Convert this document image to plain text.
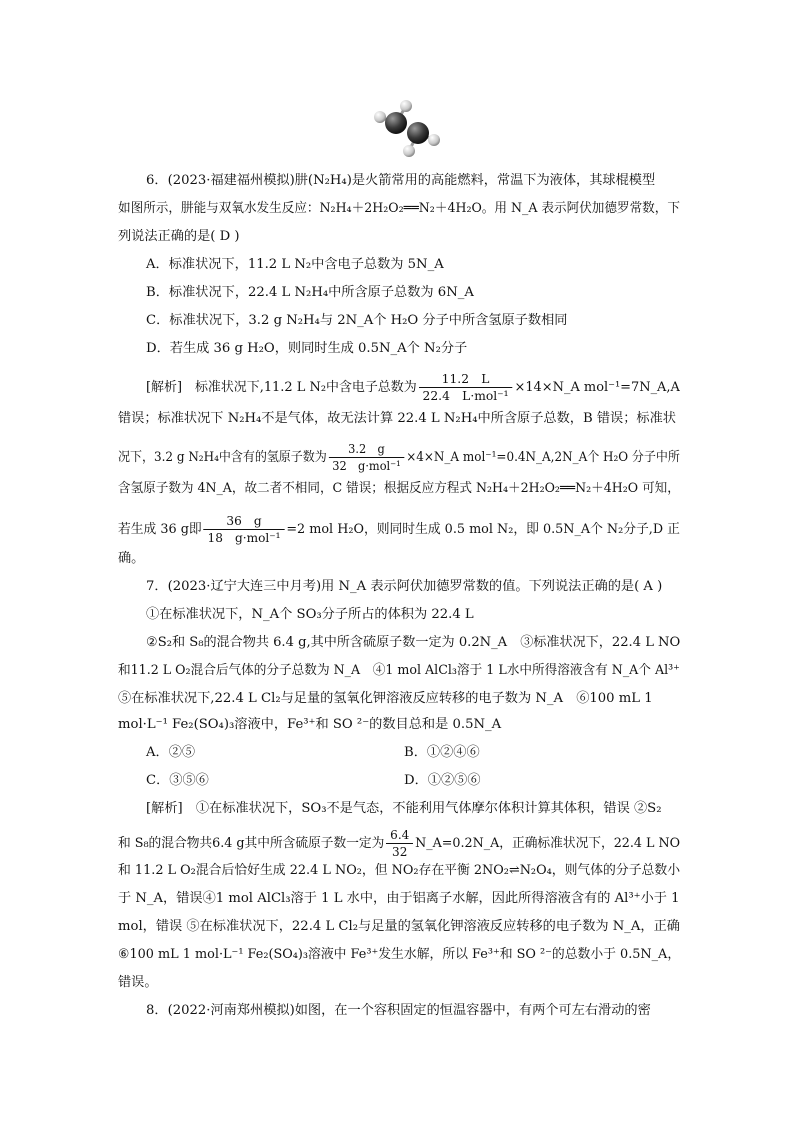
6．(2023·福建福州模拟)肼(N₂H₄)是火箭常用的高能燃料，常温下为液体，其球棍模型
如图所示，肼能与双氧水发生反应：N₂H₄＋2H₂O₂══N₂＋4H₂O。用 N_A 表示阿伏加德罗常数，下
列说法正确的是( D )
A．标准状况下，11.2 L N₂中含电子总数为 5N_A
B．标准状况下，22.4 L N₂H₄中所含原子总数为 6N_A
C．标准状况下，3.2 g N₂H₄与 2N_A个 H₂O 分子中所含氢原子数相同
D．若生成 36 g H₂O，则同时生成 0.5N_A个 N₂分子
[解析]　标准状况下,11.2 L N₂中含电子总数为 $\frac{11.2 L}{\text{22.4　L·mol⁻¹}}$ ×14×N_A mol⁻¹=7N_A,A
错误；标准状况下 N₂H₄不是气体，故无法计算 22.4 L N₂H₄中所含原子总数，B 错误；标准状
况下，3.2 g N₂H₄中含有的氢原子数为 $\frac{3.2 g}{\text{32　g·mol⁻¹}}$ ×4×N_A mol⁻¹=0.4N_A,2N_A个 H₂O 分子中所
含氢原子数为 4N_A，故二者不相同，C 错误；根据反应方程式 N₂H₄＋2H₂O₂══N₂＋4H₂O 可知，
若生成 36 g即 $\frac{36 g}{\text{18　g·mol⁻¹}} =2$ mol H₂O，则同时生成 0.5 mol N₂，即 0.5N_A个 N₂分子,D 正
确。
7．(2023·辽宁大连三中月考)用 N_A 表示阿伏加德罗常数的值。下列说法正确的是( A )
①在标准状况下，N_A个 SO₃分子所占的体积为 22.4 L
②S₂和 S₈的混合物共 6.4 g,其中所含硫原子数一定为 0.2N_A　③标准状况下，22.4 L NO
和11.2 L O₂混合后气体的分子总数为 N_A　④1 mol AlCl₃溶于 1 L水中所得溶液含有 N_A个 Al³⁺
⑤在标准状况下,22.4 L Cl₂与足量的氢氧化钾溶液反应转移的电子数为 N_A　⑥100 mL 1
mol·L⁻¹ Fe₂(SO₄)₃溶液中，Fe³⁺和 SO ²⁻的数目总和是 0.5N_A
A．②⑤	B．①②④⑥
C．③⑤⑥	D．①②⑤⑥
[解析]　①在标准状况下，SO₃不是气态，不能利用气体摩尔体积计算其体积，错误 ②S₂
和 S₈的混合物共6.4 g其中所含硫原子数一定为 $\frac{6.4}{32}$ N_A=0.2N_A，正确标准状况下，22.4 L NO
和 11.2 L O₂混合后恰好生成 22.4 L NO₂，但 NO₂存在平衡 2NO₂⇌N₂O₄，则气体的分子总数小
于 N_A，错误④1 mol AlCl₃溶于 1 L 水中，由于铝离子水解，因此所得溶液含有的 Al³⁺小于 1
mol，错误 ⑤在标准状况下，22.4 L Cl₂与足量的氢氧化钾溶液反应转移的电子数为 N_A，正确
⑥100 mL 1 mol·L⁻¹ Fe₂(SO₄)₃溶液中 Fe³⁺发生水解，所以 Fe³⁺和 SO ²⁻的总数小于 0.5N_A，
错误。
8．(2022·河南郑州模拟)如图，在一个容积固定的恒温容器中，有两个可左右滑动的密
